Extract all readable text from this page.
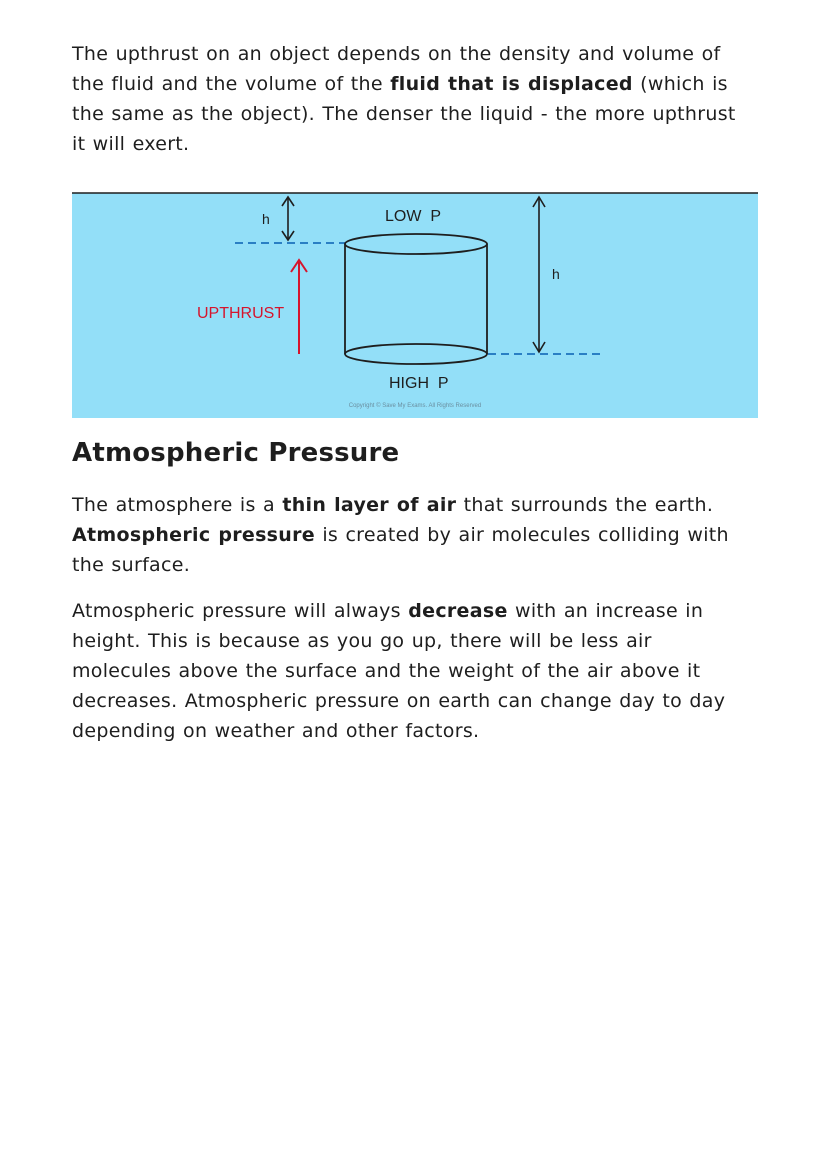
The upthrust on an object depends on the density and volume of the fluid and the volume of the fluid that is displaced (which is the same as the object). The denser the liquid - the more upthrust it will exert.

h
UPTHRUST
LOW  P
HIGH  P
h
Copyright © Save My Exams. All Rights Reserved
Atmospheric Pressure

The atmosphere is a thin layer of air that surrounds the earth. Atmospheric pressure is created by air molecules colliding with the surface.

Atmospheric pressure will always decrease with an increase in height. This is because as you go up, there will be less air molecules above the surface and the weight of the air above it decreases. Atmospheric pressure on earth can change day to day depending on weather and other factors.
